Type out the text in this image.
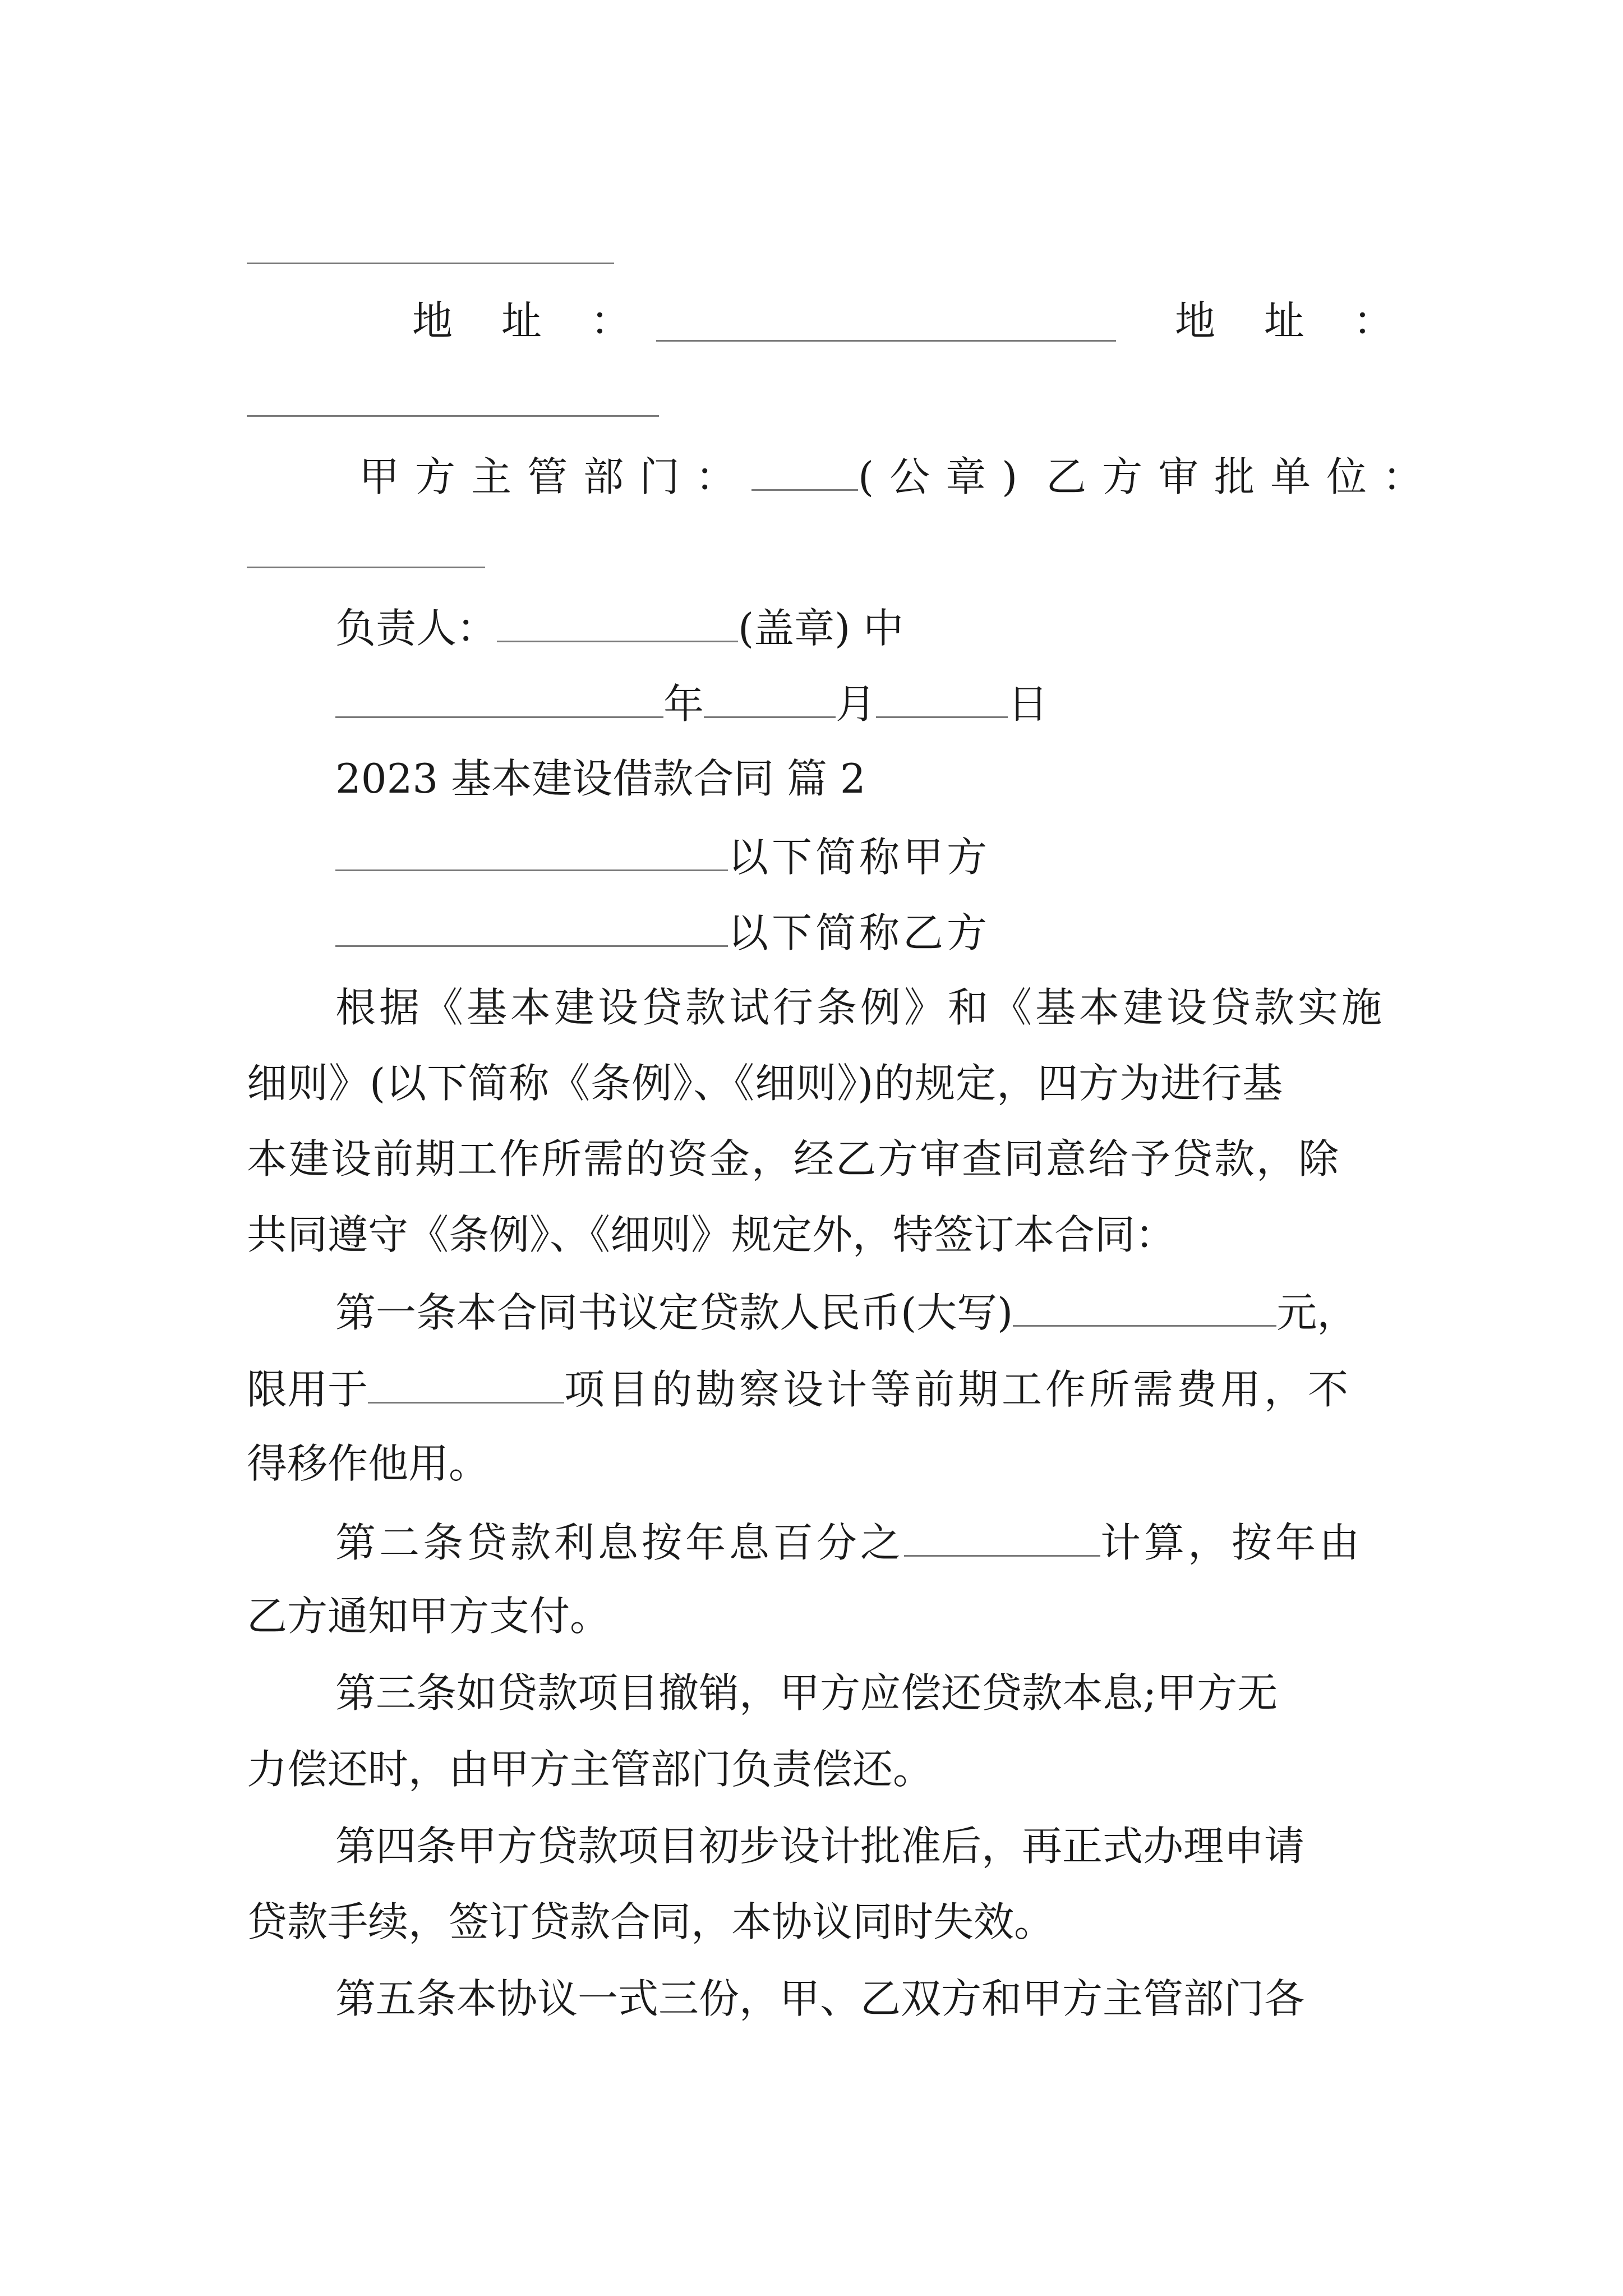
地 址 ：	地 址 ：
甲方主管部门：	(公章) 乙方审批单位：
负责人：	(盖章) 中
年	月	日
2023 基本建设借款合同 篇 2
以下简称甲方
以下简称乙方
根据《基本建设贷款试行条例》和《基本建设贷款实施
细则》(以下简称《条例》、《细则》)的规定，四方为进行基
本建设前期工作所需的资金，经乙方审查同意给予贷款，除
共同遵守《条例》、《细则》规定外，特签订本合同：
第一条本合同书议定贷款人民币(大写)	元，
限用于	项目的勘察设计等前期工作所需费用，不
得移作他用。
第二条贷款利息按年息百分之	计算，按年由
乙方通知甲方支付。
第三条如贷款项目撤销，甲方应偿还贷款本息;甲方无
力偿还时，由甲方主管部门负责偿还。
第四条甲方贷款项目初步设计批准后，再正式办理申请
贷款手续，签订贷款合同，本协议同时失效。
第五条本协议一式三份，甲、乙双方和甲方主管部门各
